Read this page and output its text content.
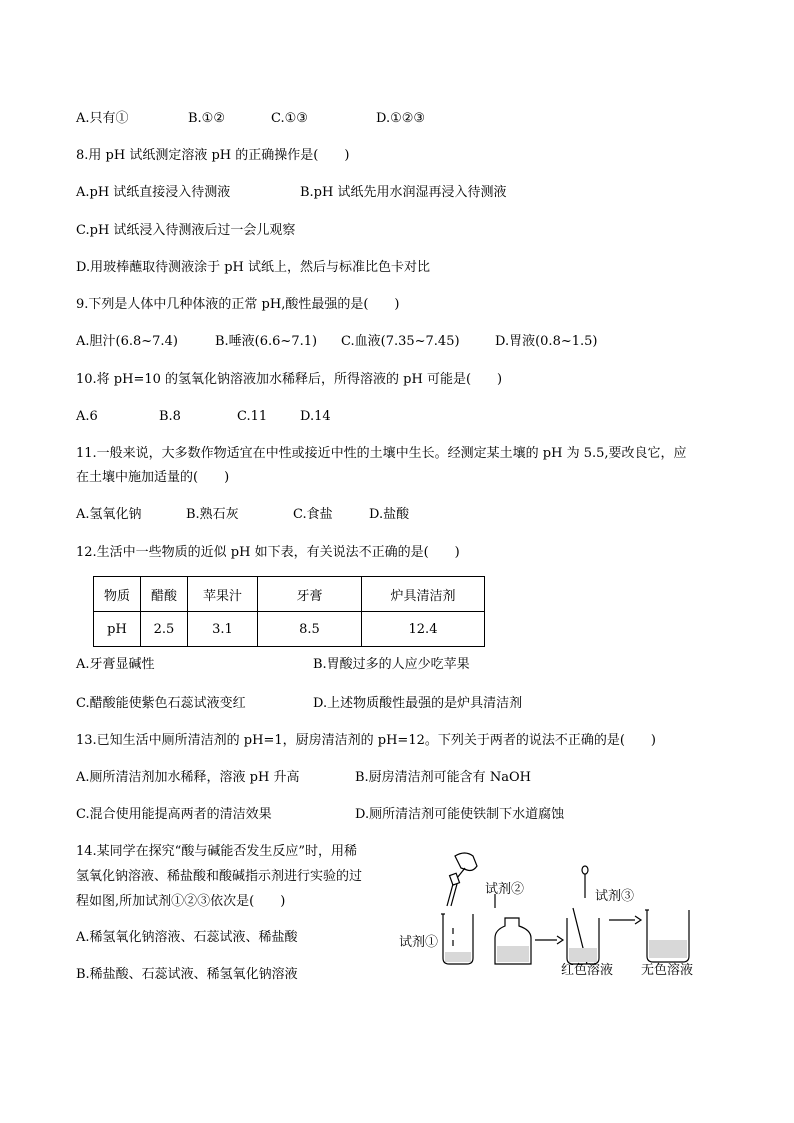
A.只有①	B.①②	C.①③	D.①②③
8.用 pH 试纸测定溶液 pH 的正确操作是(　　)
A.pH 试纸直接浸入待测液	B.pH 试纸先用水润湿再浸入待测液
C.pH 试纸浸入待测液后过一会儿观察
D.用玻棒蘸取待测液涂于 pH 试纸上，然后与标准比色卡对比
9.下列是人体中几种体液的正常 pH,酸性最强的是(　　)
A.胆汁(6.8~7.4)	B.唾液(6.6~7.1) C.血液(7.35~7.45)	D.胃液(0.8~1.5)
10.将 pH=10 的氢氧化钠溶液加水稀释后，所得溶液的 pH 可能是(　　)
A.6	B.8	C.11	D.14
11.一般来说，大多数作物适宜在中性或接近中性的土壤中生长。经测定某土壤的 pH 为 5.5,要改良它，应
在土壤中施加适量的(　　)
A.氢氧化钠	B.熟石灰	C.食盐	D.盐酸
12.生活中一些物质的近似 pH 如下表，有关说法不正确的是(　　)
物质	醋酸	苹果汁	牙膏	炉具清洁剂
pH	2.5	3.1	8.5	12.4
A.牙膏显碱性	B.胃酸过多的人应少吃苹果
C.醋酸能使紫色石蕊试液变红	D.上述物质酸性最强的是炉具清洁剂
13.已知生活中厕所清洁剂的 pH=1，厨房清洁剂的 pH=12。下列关于两者的说法不正确的是(　　)
A.厕所清洁剂加水稀释，溶液 pH 升高	B.厨房清洁剂可能含有 NaOH
C.混合使用能提高两者的清洁效果	D.厕所清洁剂可能使铁制下水道腐蚀
14.某同学在探究“酸与碱能否发生反应”时，用稀
氢氧化钠溶液、稀盐酸和酸碱指示剂进行实验的过
程如图,所加试剂①②③依次是(　　)
A.稀氢氧化钠溶液、石蕊试液、稀盐酸
B.稀盐酸、石蕊试液、稀氢氧化钠溶液
试剂①
试剂②	试剂③
红色溶液 无色溶液
